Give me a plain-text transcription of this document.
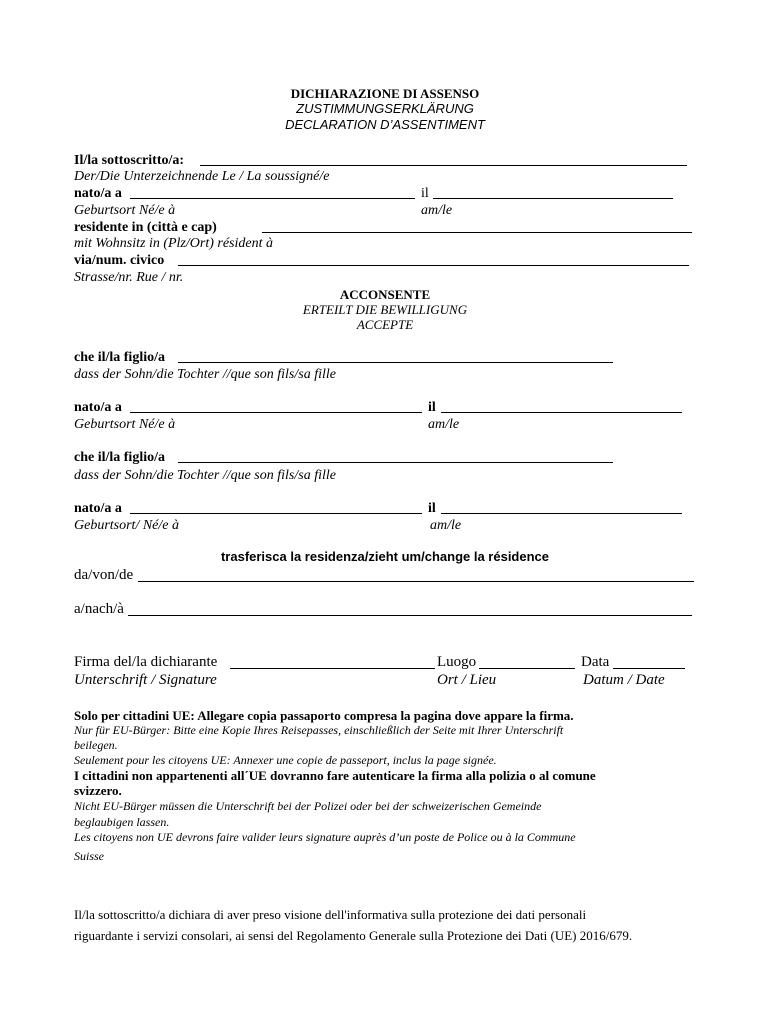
DICHIARAZIONE DI ASSENSO
ZUSTIMMUNGSERKLÄRUNG
DECLARATION D’ASSENTIMENT
Il/la sottoscritto/a:
Der/Die Unterzeichnende Le / La soussigné/e
nato/a a	il
Geburtsort Né/e à	am/le
residente in (città e cap)
mit Wohnsitz in (Plz/Ort) résident à
via/num. civico
Strasse/nr. Rue / nr.
ACCONSENTE
ERTEILT DIE BEWILLIGUNG
ACCEPTE
che il/la figlio/a
dass der Sohn/die Tochter //que son fils/sa fille
nato/a a	il
Geburtsort Né/e à	am/le
che il/la figlio/a
dass der Sohn/die Tochter //que son fils/sa fille
nato/a a	il
Geburtsort/ Né/e à	am/le
trasferisca la residenza/zieht um/change la résidence
da/von/de
a/nach/à
Firma del/la dichiarante	Luogo	Data
Unterschrift / Signature	Ort / Lieu	Datum / Date
Solo per cittadini UE: Allegare copia passaporto compresa la pagina dove appare la firma.
Nur für EU-Bürger: Bitte eine Kopie Ihres Reisepasses, einschließlich der Seite mit Ihrer Unterschrift
beilegen.
Seulement pour les citoyens UE: Annexer une copie de passeport, inclus la page signée.
I cittadini non appartenenti all´UE dovranno fare autenticare la firma alla polizia o al comune
svizzero.
Nicht EU-Bürger müssen die Unterschrift bei der Polizei oder bei der schweizerischen Gemeinde
beglaubigen lassen.
Les citoyens non UE devrons faire valider leurs signature auprès d’un poste de Police ou à la Commune
Suisse
Il/la sottoscritto/a dichiara di aver preso visione dell'informativa sulla protezione dei dati personali
riguardante i servizi consolari, ai sensi del Regolamento Generale sulla Protezione dei Dati (UE) 2016/679.
